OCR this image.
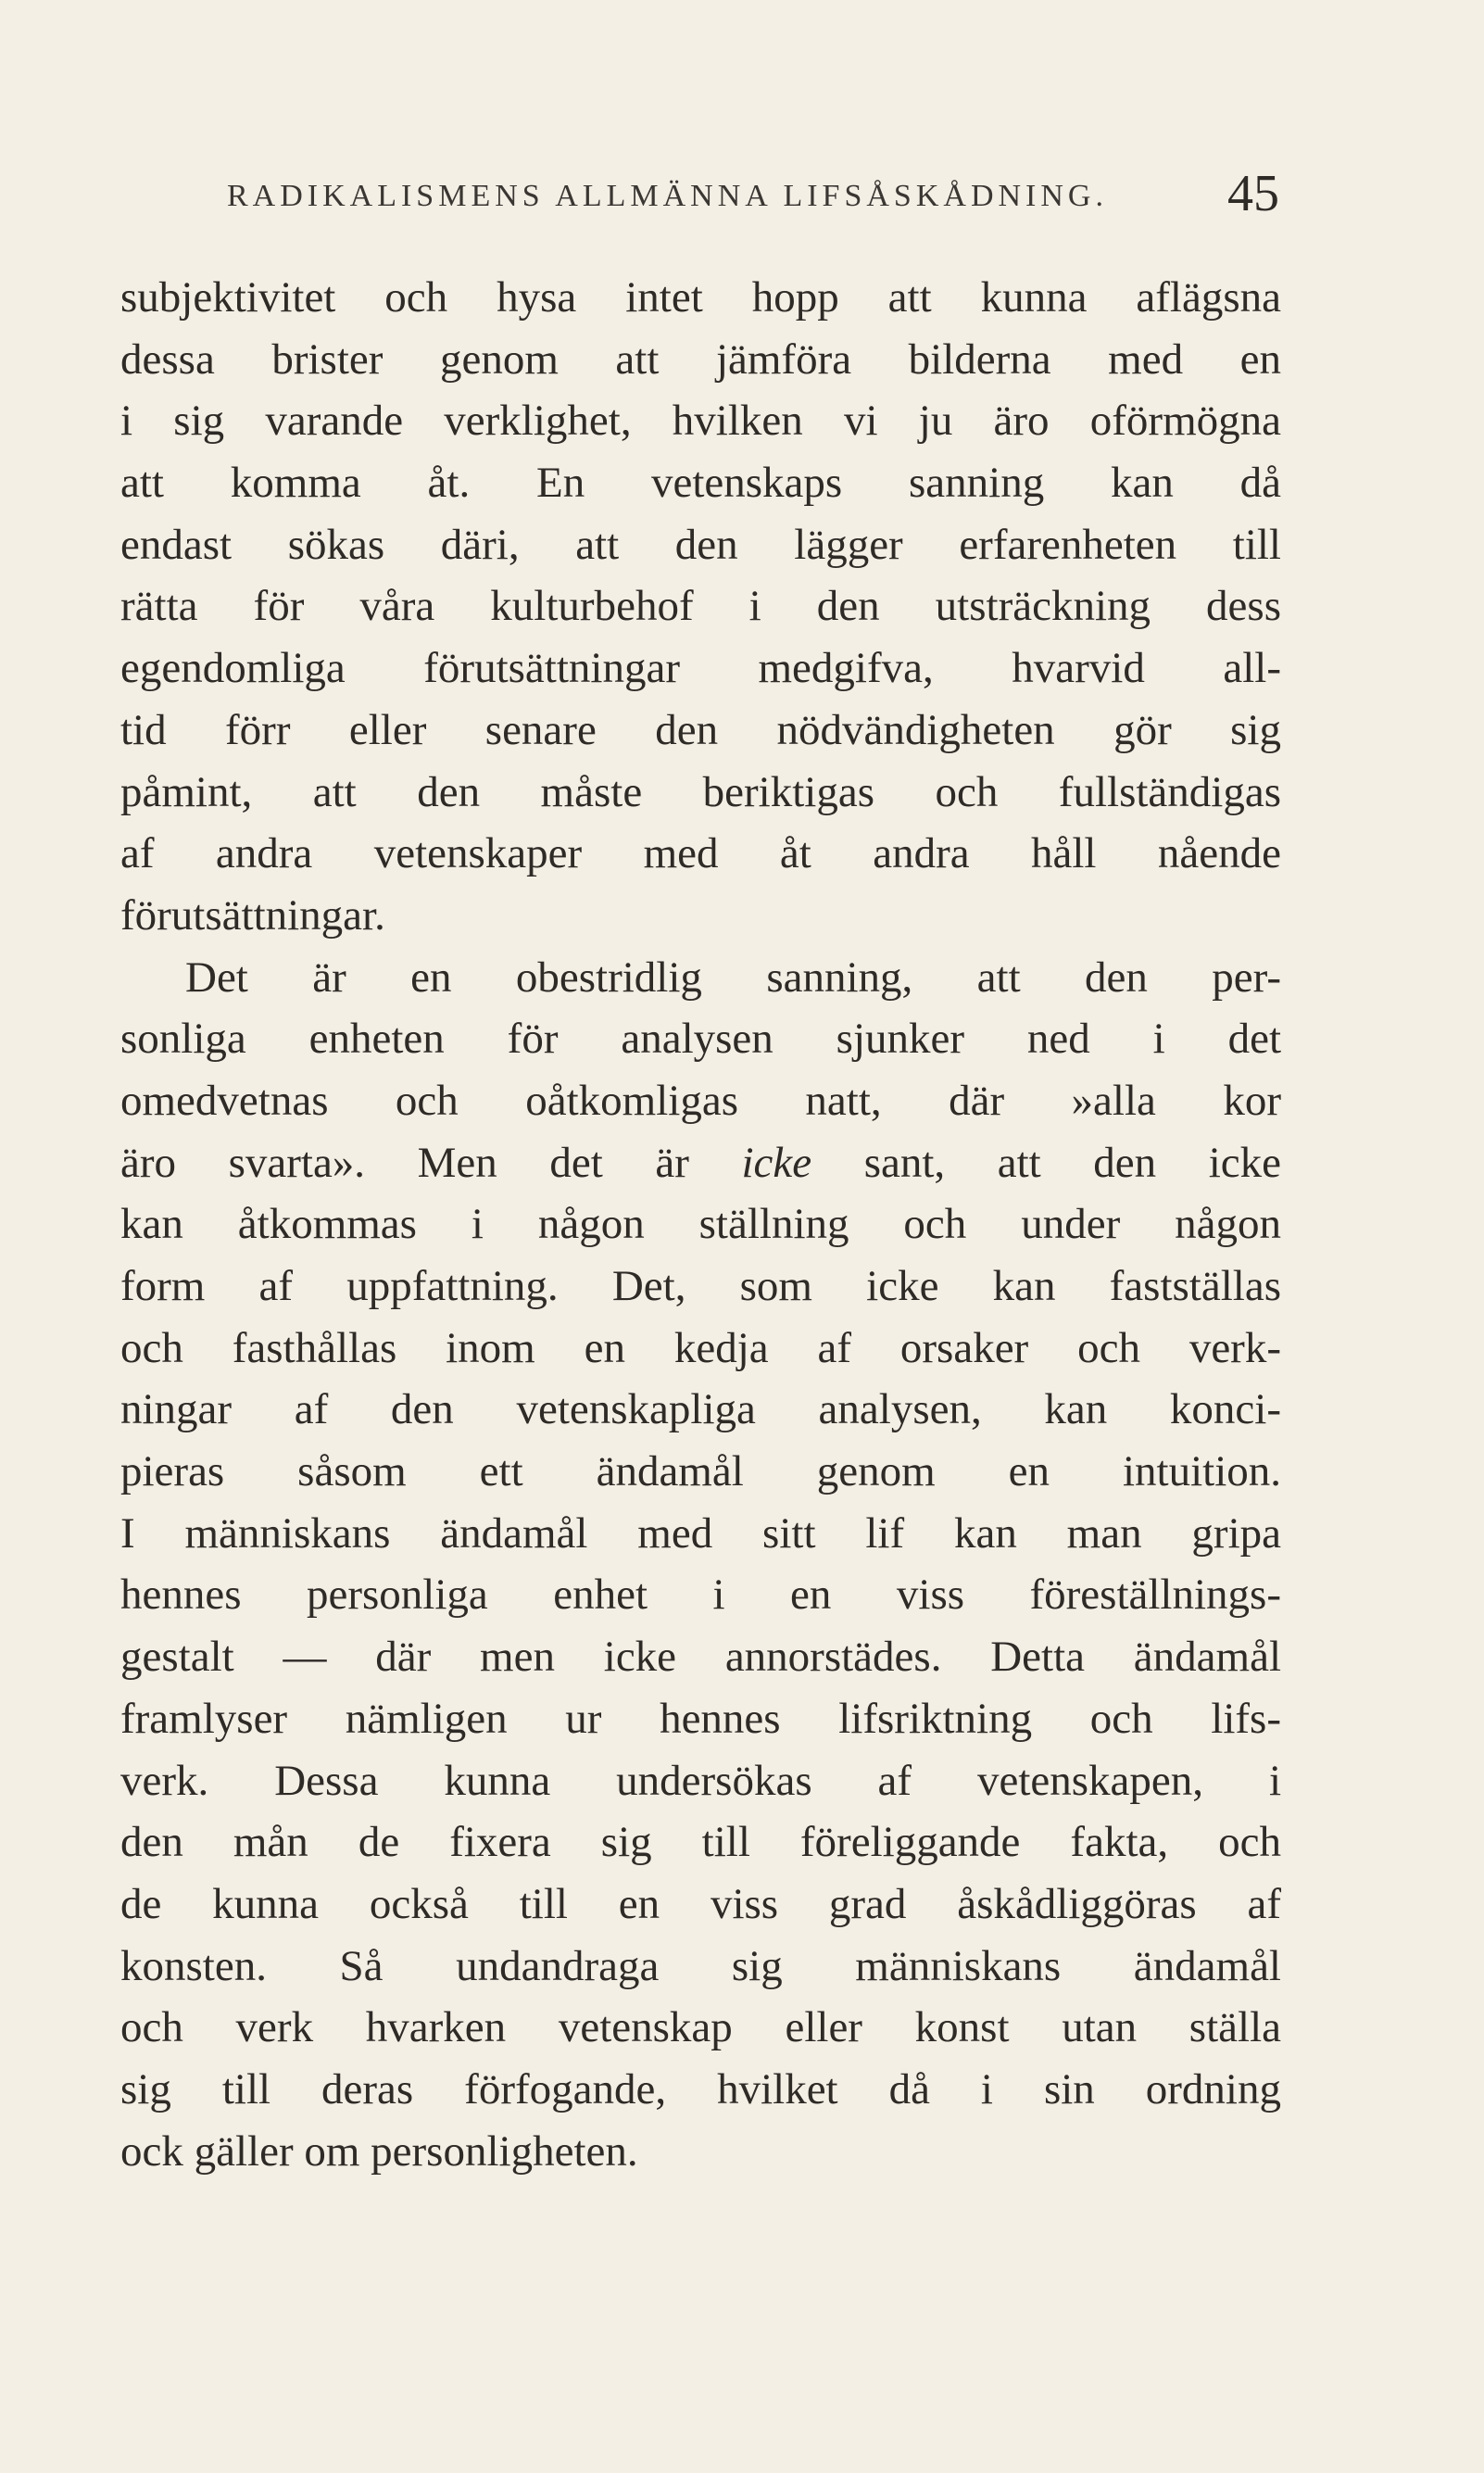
RADIKALISMENS ALLMÄNNA LIFSÅSKÅDNING. 45
subjektivitet och hysa intet hopp att kunna aflägsna
dessa brister genom att jämföra bilderna med en
i sig varande verklighet, hvilken vi ju äro oförmögna
att komma åt. En vetenskaps sanning kan då
endast sökas däri, att den lägger erfarenheten till
rätta för våra kulturbehof i den utsträckning dess
egendomliga förutsättningar medgifva, hvarvid all-
tid förr eller senare den nödvändigheten gör sig
påmint, att den måste beriktigas och fullständigas
af andra vetenskaper med åt andra håll nående
förutsättningar.
Det är en obestridlig sanning, att den per-
sonliga enheten för analysen sjunker ned i det
omedvetnas och oåtkomligas natt, där »alla kor
äro svarta». Men det är icke sant, att den icke
kan åtkommas i någon ställning och under någon
form af uppfattning. Det, som icke kan fastställas
och fasthållas inom en kedja af orsaker och verk-
ningar af den vetenskapliga analysen, kan konci-
pieras såsom ett ändamål genom en intuition.
I människans ändamål med sitt lif kan man gripa
hennes personliga enhet i en viss föreställnings-
gestalt — där men icke annorstädes. Detta ändamål
framlyser nämligen ur hennes lifsriktning och lifs-
verk. Dessa kunna undersökas af vetenskapen, i
den mån de fixera sig till föreliggande fakta, och
de kunna också till en viss grad åskådliggöras af
konsten. Så undandraga sig människans ändamål
och verk hvarken vetenskap eller konst utan ställa
sig till deras förfogande, hvilket då i sin ordning
ock gäller om personligheten.
